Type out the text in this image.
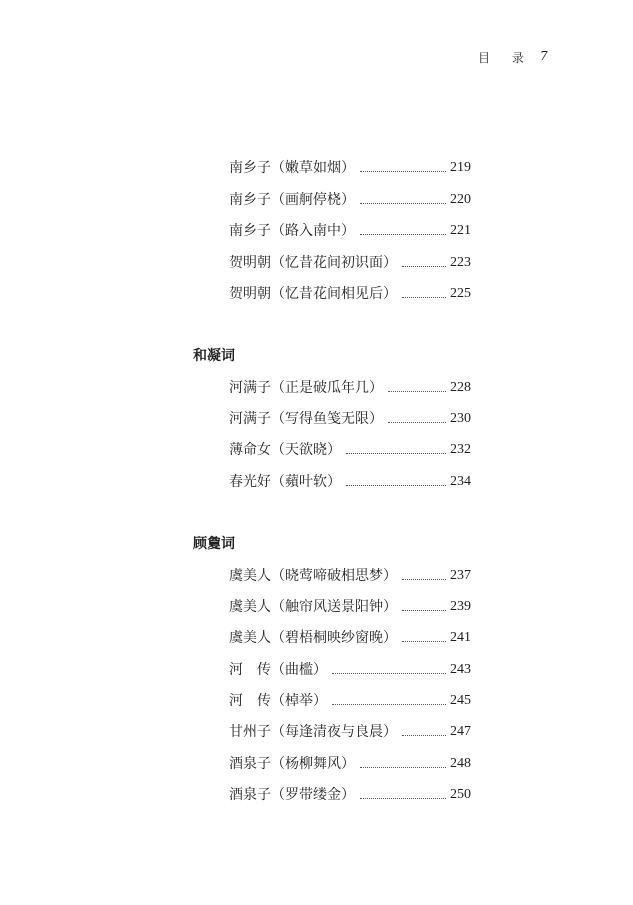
目 录 7
南乡子（嫩草如烟）	219
南乡子（画舸停桡）	220
南乡子（路入南中）	221
贺明朝（忆昔花间初识面）	223
贺明朝（忆昔花间相见后）	225
和凝词
河满子（正是破瓜年几）	228
河满子（写得鱼笺无限）	230
薄命女（天欲晓）	232
春光好（蘋叶软）	234
顾敻词
虞美人（晓莺啼破相思梦）	237
虞美人（触帘风送景阳钟）	239
虞美人（碧梧桐映纱窗晚）	241
河　传（曲槛）	243
河　传（棹举）	245
甘州子（每逢清夜与良晨）	247
酒泉子（杨柳舞风）	248
酒泉子（罗带缕金）	250
